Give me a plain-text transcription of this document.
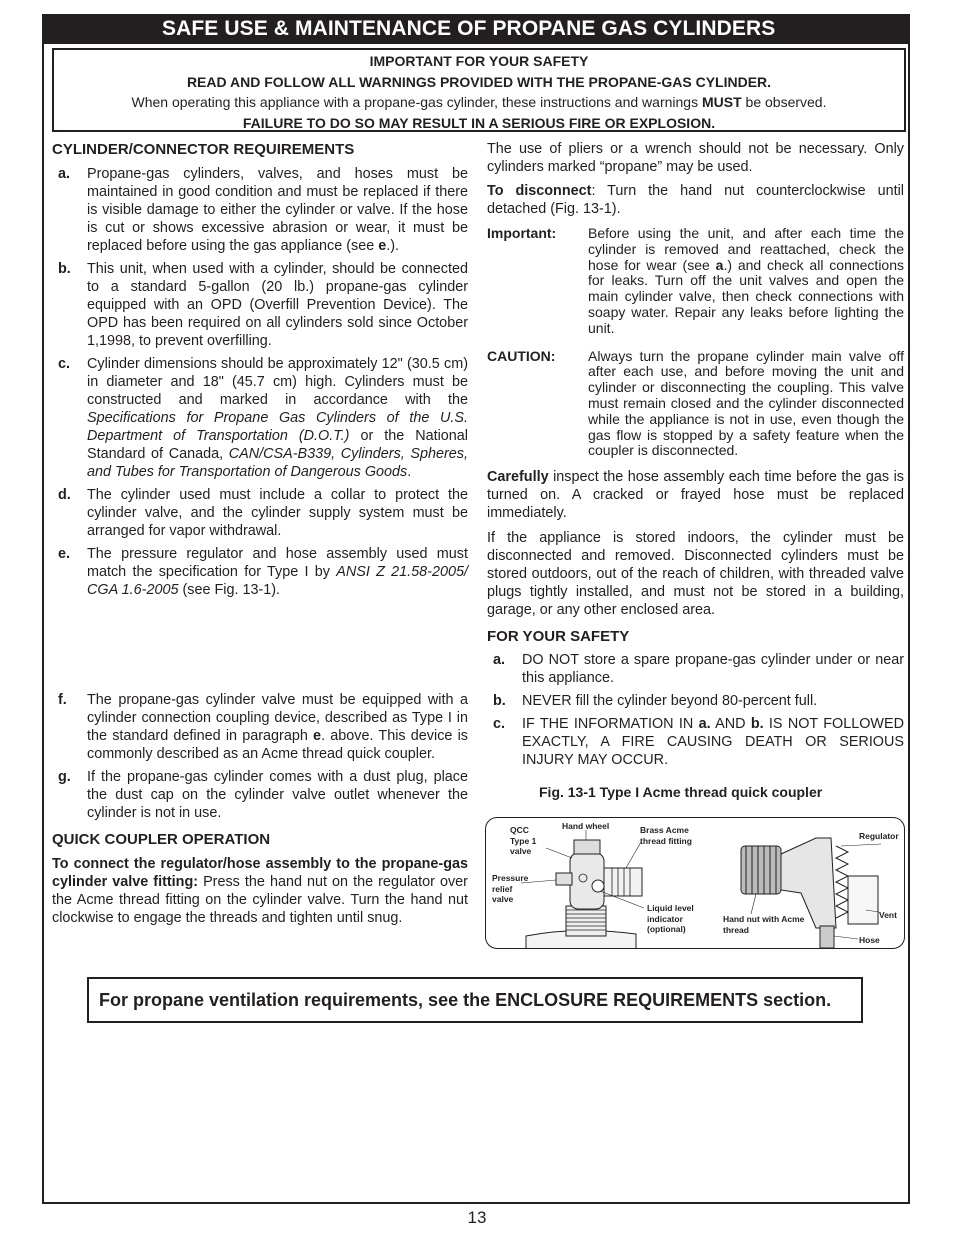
SAFE USE & MAINTENANCE OF PROPANE GAS CYLINDERS
IMPORTANT FOR YOUR SAFETY
READ AND FOLLOW ALL WARNINGS PROVIDED WITH THE PROPANE-GAS CYLINDER.
When operating this appliance with a propane-gas cylinder, these instructions and warnings MUST be observed.
FAILURE TO DO SO MAY RESULT IN A SERIOUS FIRE OR EXPLOSION.
CYLINDER/CONNECTOR REQUIREMENTS
a. Propane-gas cylinders, valves, and hoses must be maintained in good condition and must be replaced if there is visible damage to either the cylinder or valve. If the hose is cut or shows excessive abrasion or wear, it must be replaced before using the gas appliance (see e.).

b. This unit, when used with a cylinder, should be connected to a standard 5-gallon (20 lb.) propane-gas cylinder equipped with an OPD (Overfill Prevention Device). The OPD has been required on all cylinders sold since October 1,1998, to prevent overfilling.

c. Cylinder dimensions should be approximately 12" (30.5 cm) in diameter and 18" (45.7 cm) high. Cylinders must be constructed and marked in accordance with the Specifications for Propane Gas Cylinders of the U.S. Department of Transportation (D.O.T.) or the National Standard of Canada, CAN/CSA-B339, Cylinders, Spheres, and Tubes for Transportation of Dangerous Goods.

d. The cylinder used must include a collar to protect the cylinder valve, and the cylinder supply system must be arranged for vapor withdrawal.

e. The pressure regulator and hose assembly used must match the specification for Type I by ANSI Z 21.58-2005/ CGA 1.6-2005 (see Fig. 13-1).

f. The propane-gas cylinder valve must be equipped with a cylinder connection coupling device, described as Type I in the standard defined in paragraph e. above. This device is commonly described as an Acme thread quick coupler.

g. If the propane-gas cylinder comes with a dust plug, place the dust cap on the cylinder valve outlet whenever the cylinder is not in use.

QUICK COUPLER OPERATION

To connect the regulator/hose assembly to the propane-gas cylinder valve fitting: Press the hand nut on the regulator over the Acme thread fitting on the cylinder valve. Turn the hand nut clockwise to engage the threads and tighten until snug.

The use of pliers or a wrench should not be necessary. Only cylinders marked “propane” may be used.

To disconnect: Turn the hand nut counterclockwise until detached (Fig. 13-1).

Important: Before using the unit, and after each time the cylinder is removed and reattached, check the hose for wear (see a.) and check all connections for leaks. Turn off the unit valves and open the main cylinder valve, then check connections with soapy water. Repair any leaks before lighting the unit.

CAUTION: Always turn the propane cylinder main valve off after each use, and before moving the unit and cylinder or disconnecting the coupling. This valve must remain closed and the cylinder disconnected while the appliance is not in use, even though the gas flow is stopped by a safety feature when the coupler is disconnected.

Carefully inspect the hose assembly each time before the gas is turned on. A cracked or frayed hose must be replaced immediately.

If the appliance is stored indoors, the cylinder must be disconnected and removed. Disconnected cylinders must be stored outdoors, out of the reach of children, with threaded valve plugs tightly installed, and must not be stored in a building, garage, or any other enclosed area.

FOR YOUR SAFETY
a. DO NOT store a spare propane-gas cylinder under or near this appliance.

b. NEVER fill the cylinder beyond 80-percent full.

c. IF THE INFORMATION IN a. AND b. IS NOT FOLLOWED EXACTLY, A FIRE CAUSING DEATH OR SERIOUS INJURY MAY OCCUR.

Fig. 13-1 Type I Acme thread quick coupler
Hand wheel
QCC
Type 1
valve
Brass Acme
thread fitting
Pressure
relief
valve
Liquid level
indicator
(optional)
Hand nut with Acme
thread
Regulator
Vent
Hose
For propane ventilation requirements, see the ENCLOSURE REQUIREMENTS section.
13
